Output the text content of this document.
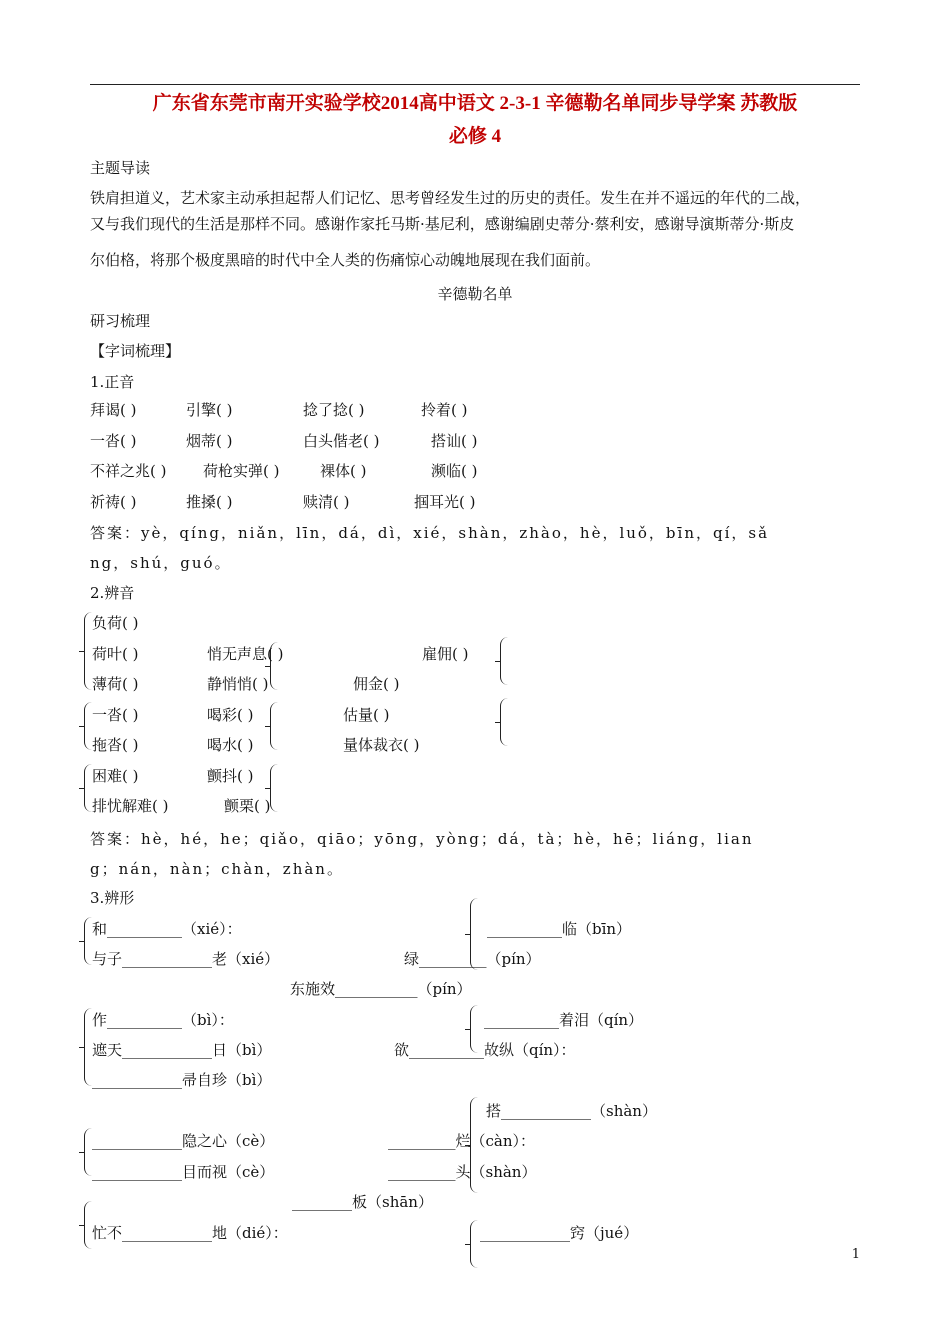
广东省东莞市南开实验学校2014高中语文 2-3-1 辛德勒名单同步导学案 苏教版
必修 4
主题导读
铁肩担道义，艺术家主动承担起帮人们记忆、思考曾经发生过的历史的责任。发生在并不遥远的年代的二战，
又与我们现代的生活是那样不同。感谢作家托马斯·基尼利，感谢编剧史蒂分·蔡利安，感谢导演斯蒂分·斯皮
尔伯格，将那个极度黑暗的时代中全人类的伤痛惊心动魄地展现在我们面前。
辛德勒名单
研习梳理
【字词梳理】
1.正音
拜谒( )	引擎( )	捻了捻( )	拎着( )
一沓( )	烟蒂( )	白头偕老( )	搭讪( )
不祥之兆( ) 荷枪实弹( )	裸体( )	濒临( )
祈祷( )	推搡( )	赎清( )	掴耳光( )
答案：yè，qíng，niǎn，līn，dá，dì，xié，shàn，zhào，hè，luǒ，bīn，qí，sǎ
ng，shú，guó。
2.辨音
负荷( )
荷叶( )	悄无声息( )	雇佣( )
薄荷( )	静悄悄( )	佣金( )
一沓( )	喝彩( )	估量( )
拖沓( )	喝水( )	量体裁衣( )
困难( )	颤抖( )
排忧解难( )	颤栗( )
答案：hè，hé，he；qiǎo，qiāo；yōng，yòng；dá，tà；hè，hē；liáng，lian
g；nán，nàn；chàn，zhàn。
3.辨形
和__________（xié）：	__________临（bīn）
与子____________老（xié）	绿_________（pín）
东施效___________（pín）
作__________（bì）：	__________着泪（qín）
遮天____________日（bì）	欲__________故纵（qín）：
____________帚自珍（bì）
搭____________（shàn）
____________隐之心（cè）	_________烂（càn）：
____________目而视（cè）	_________头（shàn）
________板（shān）
忙不____________地（dié）：	____________窍（jué）
1
